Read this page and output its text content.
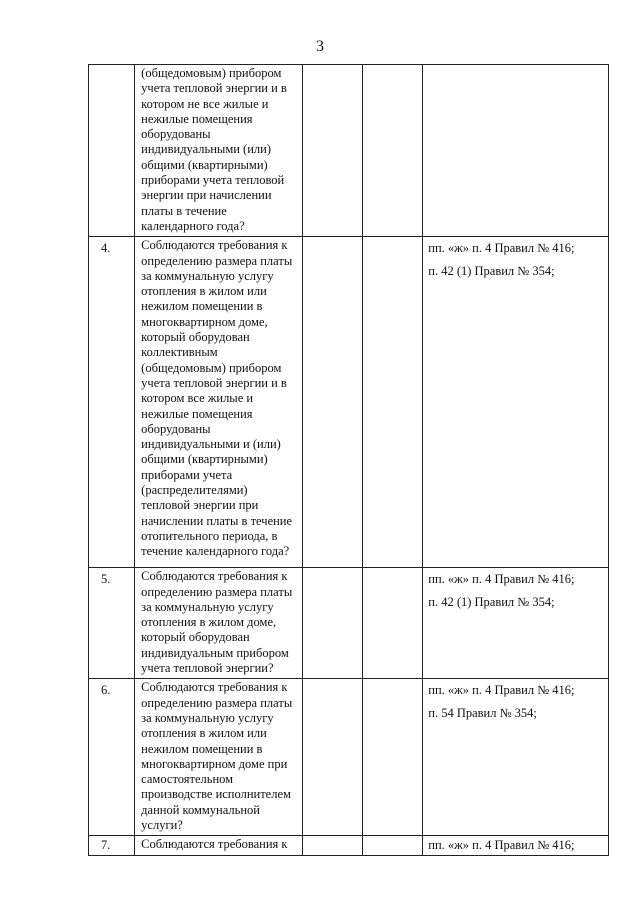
3

	(общедомовым) прибором учета тепловой энергии и в котором не все жилые и нежилые помещения оборудованы индивидуальными (или) общими (квартирными) приборами учета тепловой энергии при начислении платы в течение календарного года?			

4.	Соблюдаются требования к определению размера платы за коммунальную услугу отопления в жилом или нежилом помещении в многоквартирном доме, который оборудован коллективным (общедомовым) прибором учета тепловой энергии и в котором все жилые и нежилые помещения оборудованы индивидуальными и (или) общими (квартирными) приборами учета (распределителями) тепловой энергии при начислении платы в течение отопительного периода, в течение календарного года?			пп. «ж» п. 4 Правил № 416;
п. 42 (1) Правил № 354;

5.	Соблюдаются требования к определению размера платы за коммунальную услугу отопления в жилом доме, который оборудован индивидуальным прибором учета тепловой энергии?			пп. «ж» п. 4 Правил № 416;
п. 42 (1) Правил № 354;

6.	Соблюдаются требования к определению размера платы за коммунальную услугу отопления в жилом или нежилом помещении в многоквартирном доме при самостоятельном производстве исполнителем данной коммунальной услуги?			пп. «ж» п. 4 Правил № 416;
п. 54 Правил № 354;

7.	Соблюдаются требования к			пп. «ж» п. 4 Правил № 416;
